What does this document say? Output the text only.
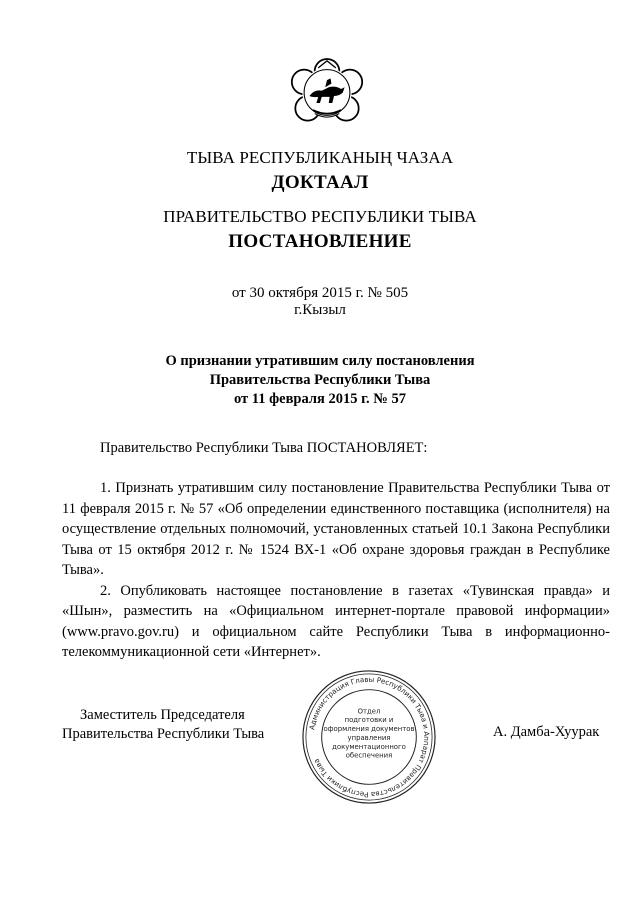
ТЫВА РЕСПУБЛИКАНЫҢ ЧАЗАА
ДОКТААЛ
ПРАВИТЕЛЬСТВО РЕСПУБЛИКИ ТЫВА
ПОСТАНОВЛЕНИЕ
от 30 октября 2015 г. № 505
г.Кызыл
О признании утратившим силу постановления
Правительства Республики Тыва
от 11 февраля 2015 г. № 57
Правительство Республики Тыва ПОСТАНОВЛЯЕТ:

1. Признать утратившим силу постановление Правительства Республики Тыва от 11 февраля 2015 г. № 57 «Об определении единственного поставщика (исполнителя) на осуществление отдельных полномочий, установленных статьей 10.1 Закона Республики Тыва от 15 октября 2012 г. № 1524 ВХ-1 «Об охране здоровья граждан в Республике Тыва».

2. Опубликовать настоящее постановление в газетах «Тувинская правда» и «Шын», разместить на «Официальном интернет-портале правовой информации» (www.pravo.gov.ru) и официальном сайте Республики Тыва в информационно-телекоммуникационной сети «Интернет».

Заместитель Председателя
Правительства Республики Тыва	А. Дамба-Хуурак
Администрация Главы Республики Тыва и Аппарат Правительства Республики Тыва
Отдел
подготовки и
оформления документов
управления
документационного
обеспечения
